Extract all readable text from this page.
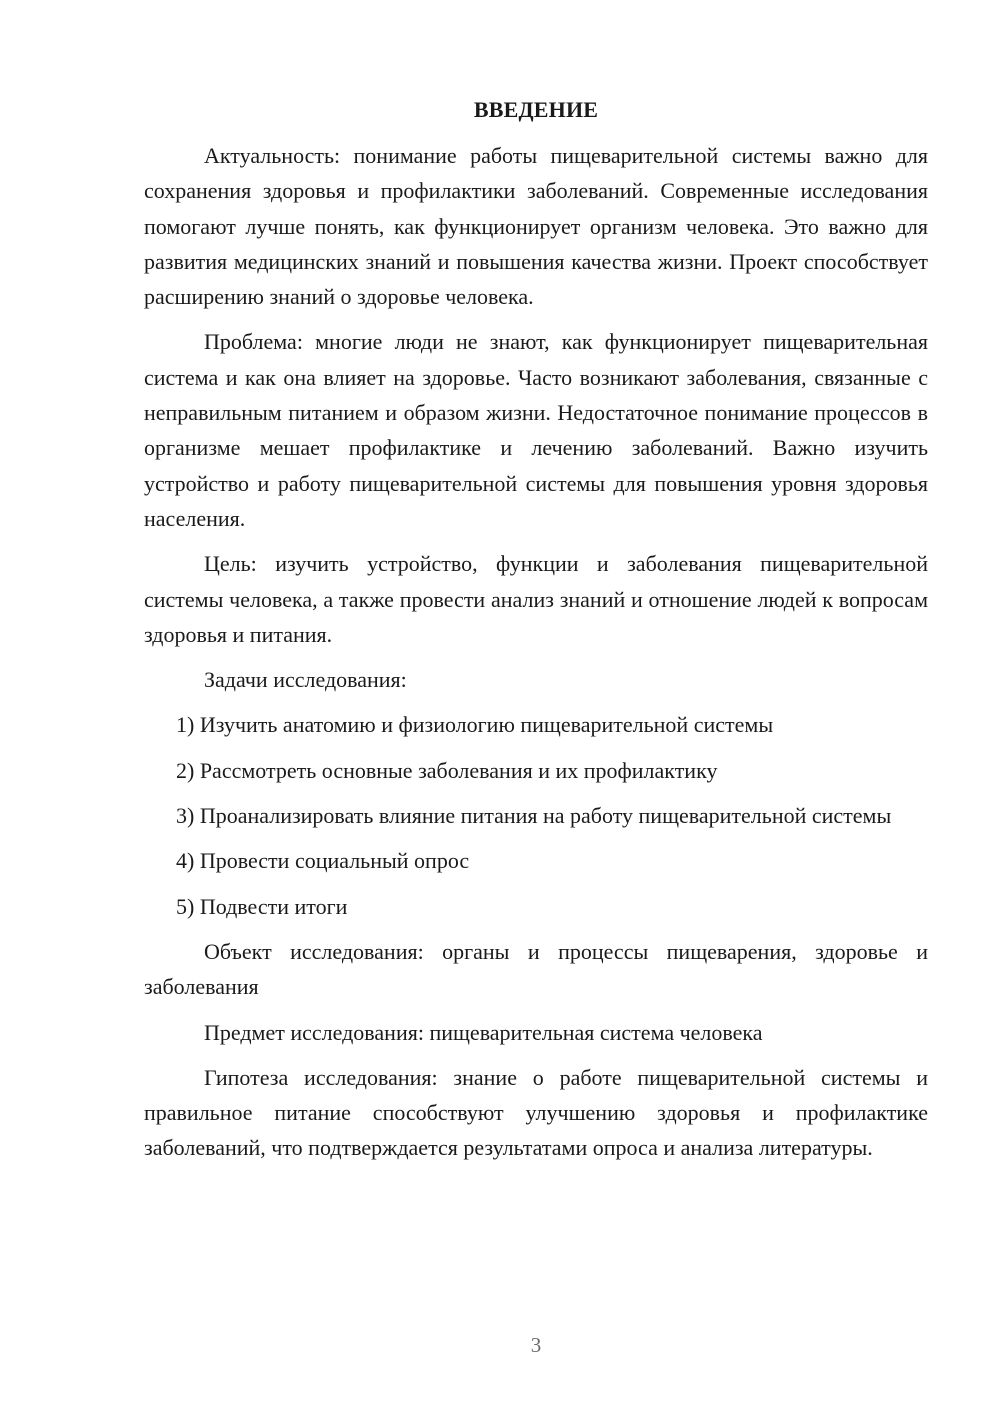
ВВЕДЕНИЕ

Актуальность: понимание работы пищеварительной системы важно для сохранения здоровья и профилактики заболеваний. Современные исследования помогают лучше понять, как функционирует организм человека. Это важно для развития медицинских знаний и повышения качества жизни. Проект способствует расширению знаний о здоровье человека.

Проблема: многие люди не знают, как функционирует пищеварительная система и как она влияет на здоровье. Часто возникают заболевания, связанные с неправильным питанием и образом жизни. Недостаточное понимание процессов в организме мешает профилактике и лечению заболеваний. Важно изучить устройство и работу пищеварительной системы для повышения уровня здоровья населения.

Цель: изучить устройство, функции и заболевания пищеварительной системы человека, а также провести анализ знаний и отношение людей к вопросам здоровья и питания.

Задачи исследования:

1) Изучить анатомию и физиологию пищеварительной системы
2) Рассмотреть основные заболевания и их профилактику
3) Проанализировать влияние питания на работу пищеварительной системы
4) Провести социальный опрос
5) Подвести итоги

Объект исследования: органы и процессы пищеварения, здоровье и заболевания

Предмет исследования: пищеварительная система человека

Гипотеза исследования: знание о работе пищеварительной системы и правильное питание способствуют улучшению здоровья и профилактике заболеваний, что подтверждается результатами опроса и анализа литературы.

3
